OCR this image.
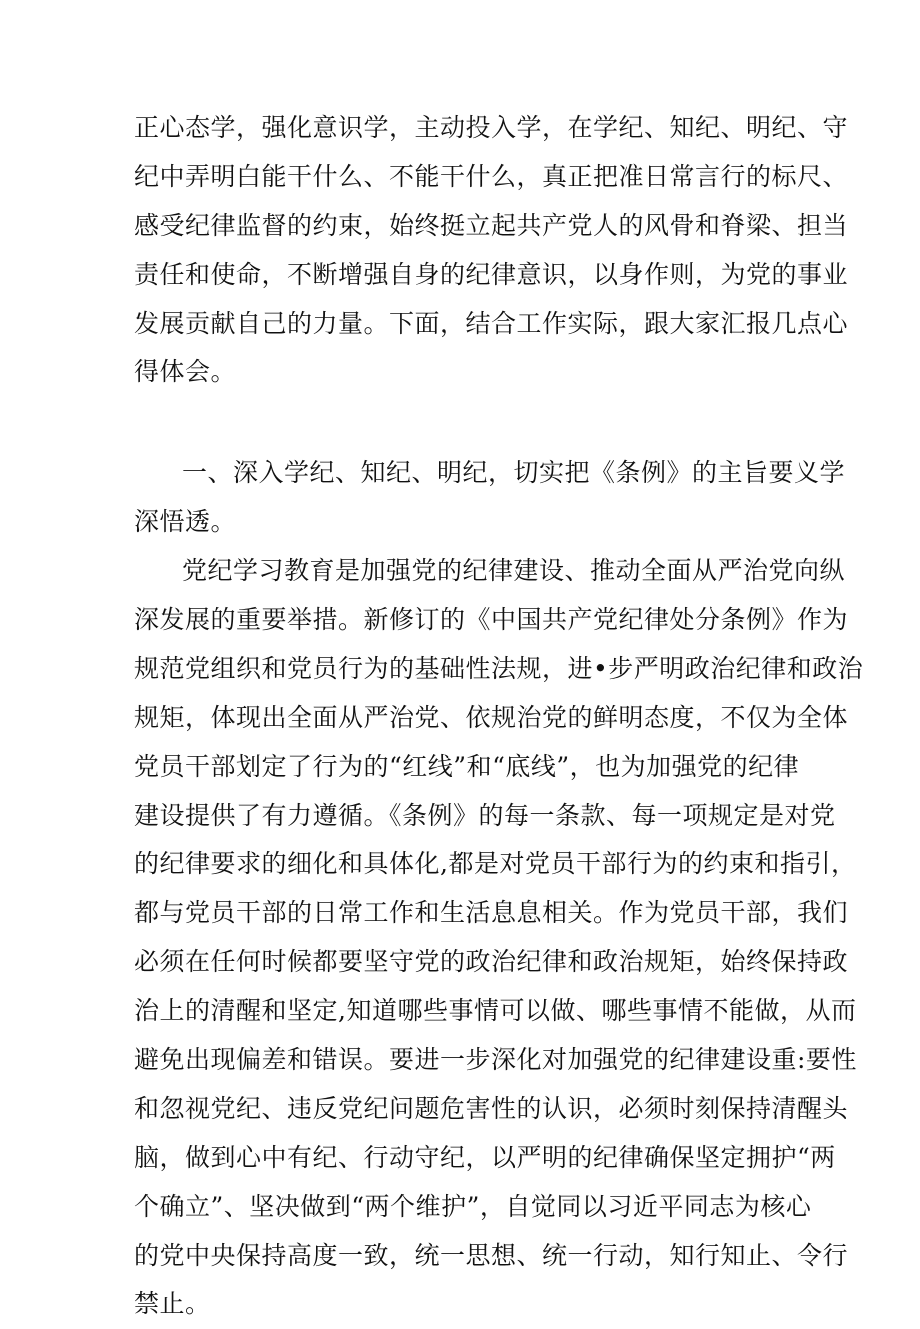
正心态学，强化意识学，主动投入学，在学纪、知纪、明纪、守
纪中弄明白能干什么、不能干什么，真正把准日常言行的标尺、
感受纪律监督的约束，始终挺立起共产党人的风骨和脊梁、担当
责任和使命，不断增强自身的纪律意识，以身作则，为党的事业
发展贡献自己的力量。下面，结合工作实际，跟大家汇报几点心
得体会。
一、深入学纪、知纪、明纪，切实把《条例》的主旨要义学
深悟透。
党纪学习教育是加强党的纪律建设、推动全面从严治党向纵
深发展的重要举措。新修订的《中国共产党纪律处分条例》作为
规范党组织和党员行为的基础性法规，进•步严明政治纪律和政治
规矩，体现出全面从严治党、依规治党的鲜明态度，不仅为全体
党员干部划定了行为的“红线”和“底线”，也为加强党的纪律
建设提供了有力遵循。《条例》的每一条款、每一项规定是对党
的纪律要求的细化和具体化,都是对党员干部行为的约束和指引，
都与党员干部的日常工作和生活息息相关。作为党员干部，我们
必须在任何时候都要坚守党的政治纪律和政治规矩，始终保持政
治上的清醒和坚定,知道哪些事情可以做、哪些事情不能做，从而
避免出现偏差和错误。要进一步深化对加强党的纪律建设重:要性
和忽视党纪、违反党纪问题危害性的认识，必须时刻保持清醒头
脑，做到心中有纪、行动守纪，以严明的纪律确保坚定拥护“两
个确立”、坚决做到“两个维护”，自觉同以习近平同志为核心
的党中央保持高度一致，统一思想、统一行动，知行知止、令行
禁止。
